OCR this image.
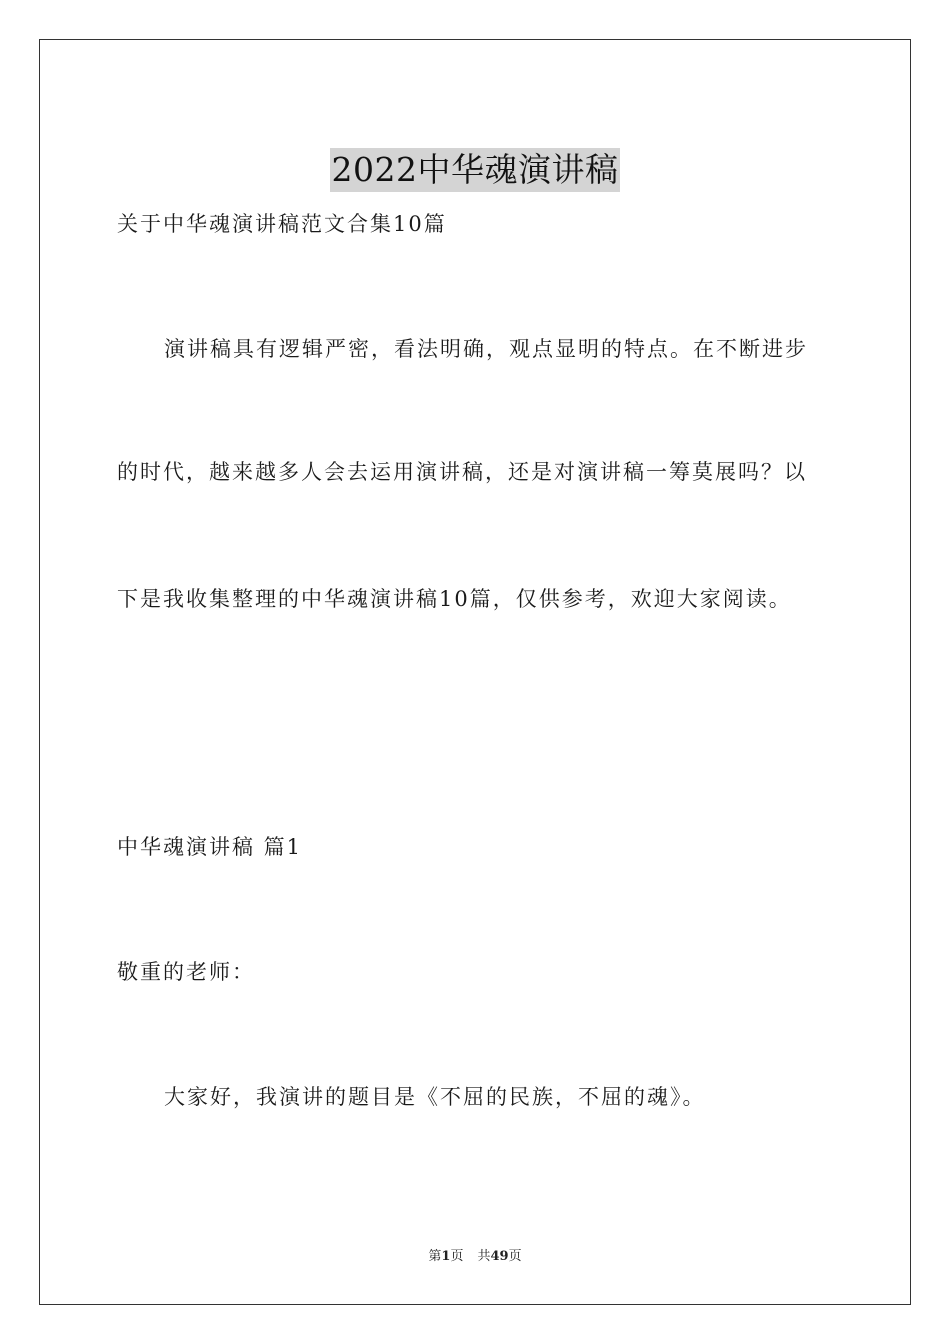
2022中华魂演讲稿

关于中华魂演讲稿范文合集10篇

演讲稿具有逻辑严密，看法明确，观点显明的特点。在不断进步

的时代，越来越多人会去运用演讲稿，还是对演讲稿一筹莫展吗？以

下是我收集整理的中华魂演讲稿10篇，仅供参考，欢迎大家阅读。

中华魂演讲稿 篇1

敬重的老师：

大家好，我演讲的题目是《不屈的民族，不屈的魂》。

第1页 共49页
